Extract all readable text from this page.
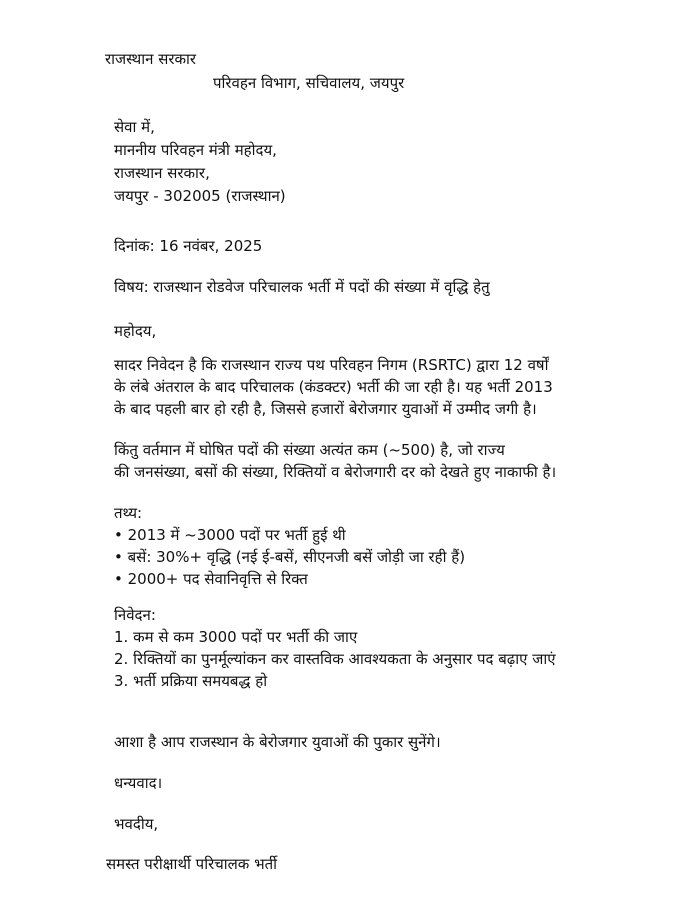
राजस्थान सरकार
परिवहन विभाग, सचिवालय, जयपुर
सेवा में,
माननीय परिवहन मंत्री महोदय,
राजस्थान सरकार,
जयपुर - 302005 (राजस्थान)
दिनांक: 16 नवंबर, 2025
विषय: राजस्थान रोडवेज परिचालक भर्ती में पदों की संख्या में वृद्धि हेतु
महोदय,
सादर निवेदन है कि राजस्थान राज्य पथ परिवहन निगम (RSRTC) द्वारा 12 वर्षों
के लंबे अंतराल के बाद परिचालक (कंडक्टर) भर्ती की जा रही है। यह भर्ती 2013
के बाद पहली बार हो रही है, जिससे हजारों बेरोजगार युवाओं में उम्मीद जगी है।
किंतु वर्तमान में घोषित पदों की संख्या अत्यंत कम (~500) है, जो राज्य
की जनसंख्या, बसों की संख्या, रिक्तियों व बेरोजगारी दर को देखते हुए नाकाफी है।
तथ्य:
• 2013 में ~3000 पदों पर भर्ती हुई थी
• बसें: 30%+ वृद्धि (नई ई-बसें, सीएनजी बसें जोड़ी जा रही हैं)
• 2000+ पद सेवानिवृत्ति से रिक्त
निवेदन:
1. कम से कम 3000 पदों पर भर्ती की जाए
2. रिक्तियों का पुनर्मूल्यांकन कर वास्तविक आवश्यकता के अनुसार पद बढ़ाए जाएं
3. भर्ती प्रक्रिया समयबद्ध हो
आशा है आप राजस्थान के बेरोजगार युवाओं की पुकार सुनेंगे।
धन्यवाद।
भवदीय,
समस्त परीक्षार्थी परिचालक भर्ती
